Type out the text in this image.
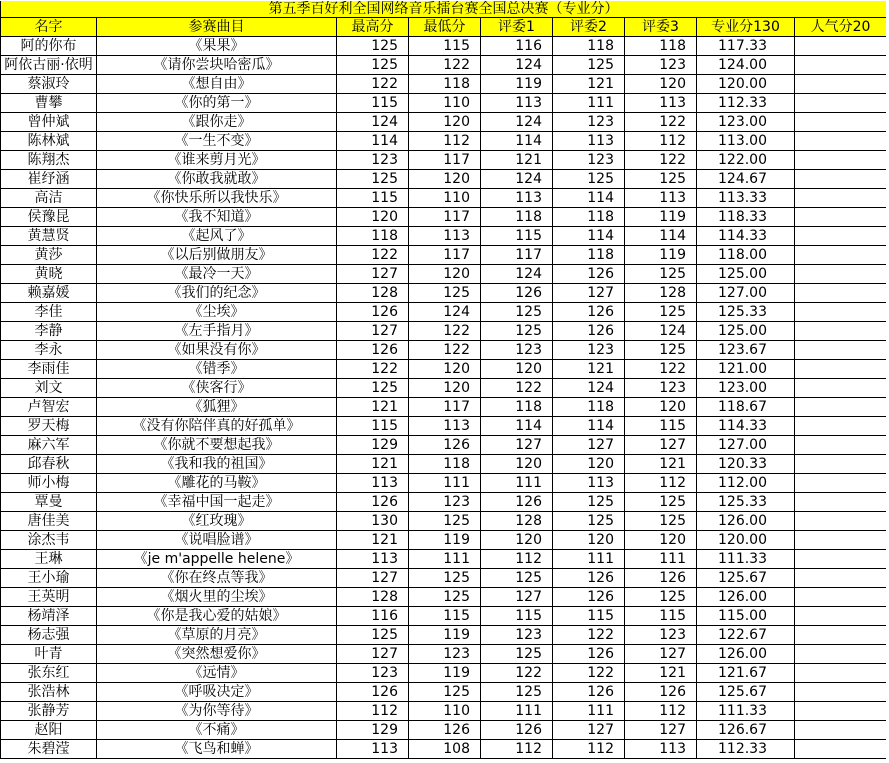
第五季百好利全国网络音乐擂台赛全国总决赛（专业分）								
名字	参赛曲目	最高分	最低分	评委1	评委2	评委3	专业分130	人气分20
阿的你布	《果果》	125	115	116	118	118	117.33	
阿依古丽·依明	《请你尝块哈密瓜》	125	122	124	125	123	124.00	
蔡淑玲	《想自由》	122	118	119	121	120	120.00	
曹攀	《你的第一》	115	110	113	111	113	112.33	
曾仲斌	《跟你走》	124	120	124	123	122	123.00	
陈林斌	《一生不变》	114	112	114	113	112	113.00	
陈翔杰	《谁来剪月光》	123	117	121	123	122	122.00	
崔纾涵	《你敢我就敢》	125	120	124	125	125	124.67	
高洁	《你快乐所以我快乐》	115	110	113	114	113	113.33	
侯豫昆	《我不知道》	120	117	118	118	119	118.33	
黄慧贤	《起风了》	118	113	115	114	114	114.33	
黄莎	《以后别做朋友》	122	117	117	118	119	118.00	
黄晓	《最冷一天》	127	120	124	126	125	125.00	
赖嘉媛	《我们的纪念》	128	125	126	127	128	127.00	
李佳	《尘埃》	126	124	125	126	125	125.33	
李静	《左手指月》	127	122	125	126	124	125.00	
李永	《如果没有你》	126	122	123	123	125	123.67	
李雨佳	《错季》	122	120	120	121	122	121.00	
刘文	《侠客行》	125	120	122	124	123	123.00	
卢智宏	《狐狸》	121	117	118	118	120	118.67	
罗天梅	《没有你陪伴真的好孤单》	115	113	114	114	115	114.33	
麻六军	《你就不要想起我》	129	126	127	127	127	127.00	
邱春秋	《我和我的祖国》	121	118	120	120	121	120.33	
师小梅	《雕花的马鞍》	113	111	111	113	112	112.00	
覃曼	《幸福中国一起走》	126	123	126	125	125	125.33	
唐佳美	《红玫瑰》	130	125	128	125	125	126.00	
涂杰韦	《说唱脸谱》	121	119	120	120	120	120.00	
王琳	《je m'appelle helene》	113	111	112	111	111	111.33	
王小瑜	《你在终点等我》	127	125	125	126	126	125.67	
王英明	《烟火里的尘埃》	128	125	127	126	125	126.00	
杨靖泽	《你是我心爱的姑娘》	116	115	115	115	115	115.00	
杨志强	《草原的月亮》	125	119	123	122	123	122.67	
叶青	《突然想爱你》	127	123	125	126	127	126.00	
张东红	《远情》	123	119	122	122	121	121.67	
张浩林	《呼吸决定》	126	125	125	126	126	125.67	
张静芳	《为你等待》	112	110	111	111	112	111.33	
赵阳	《不痛》	129	126	126	127	127	126.67	
朱碧滢	《飞鸟和蝉》	113	108	112	112	113	112.33	
